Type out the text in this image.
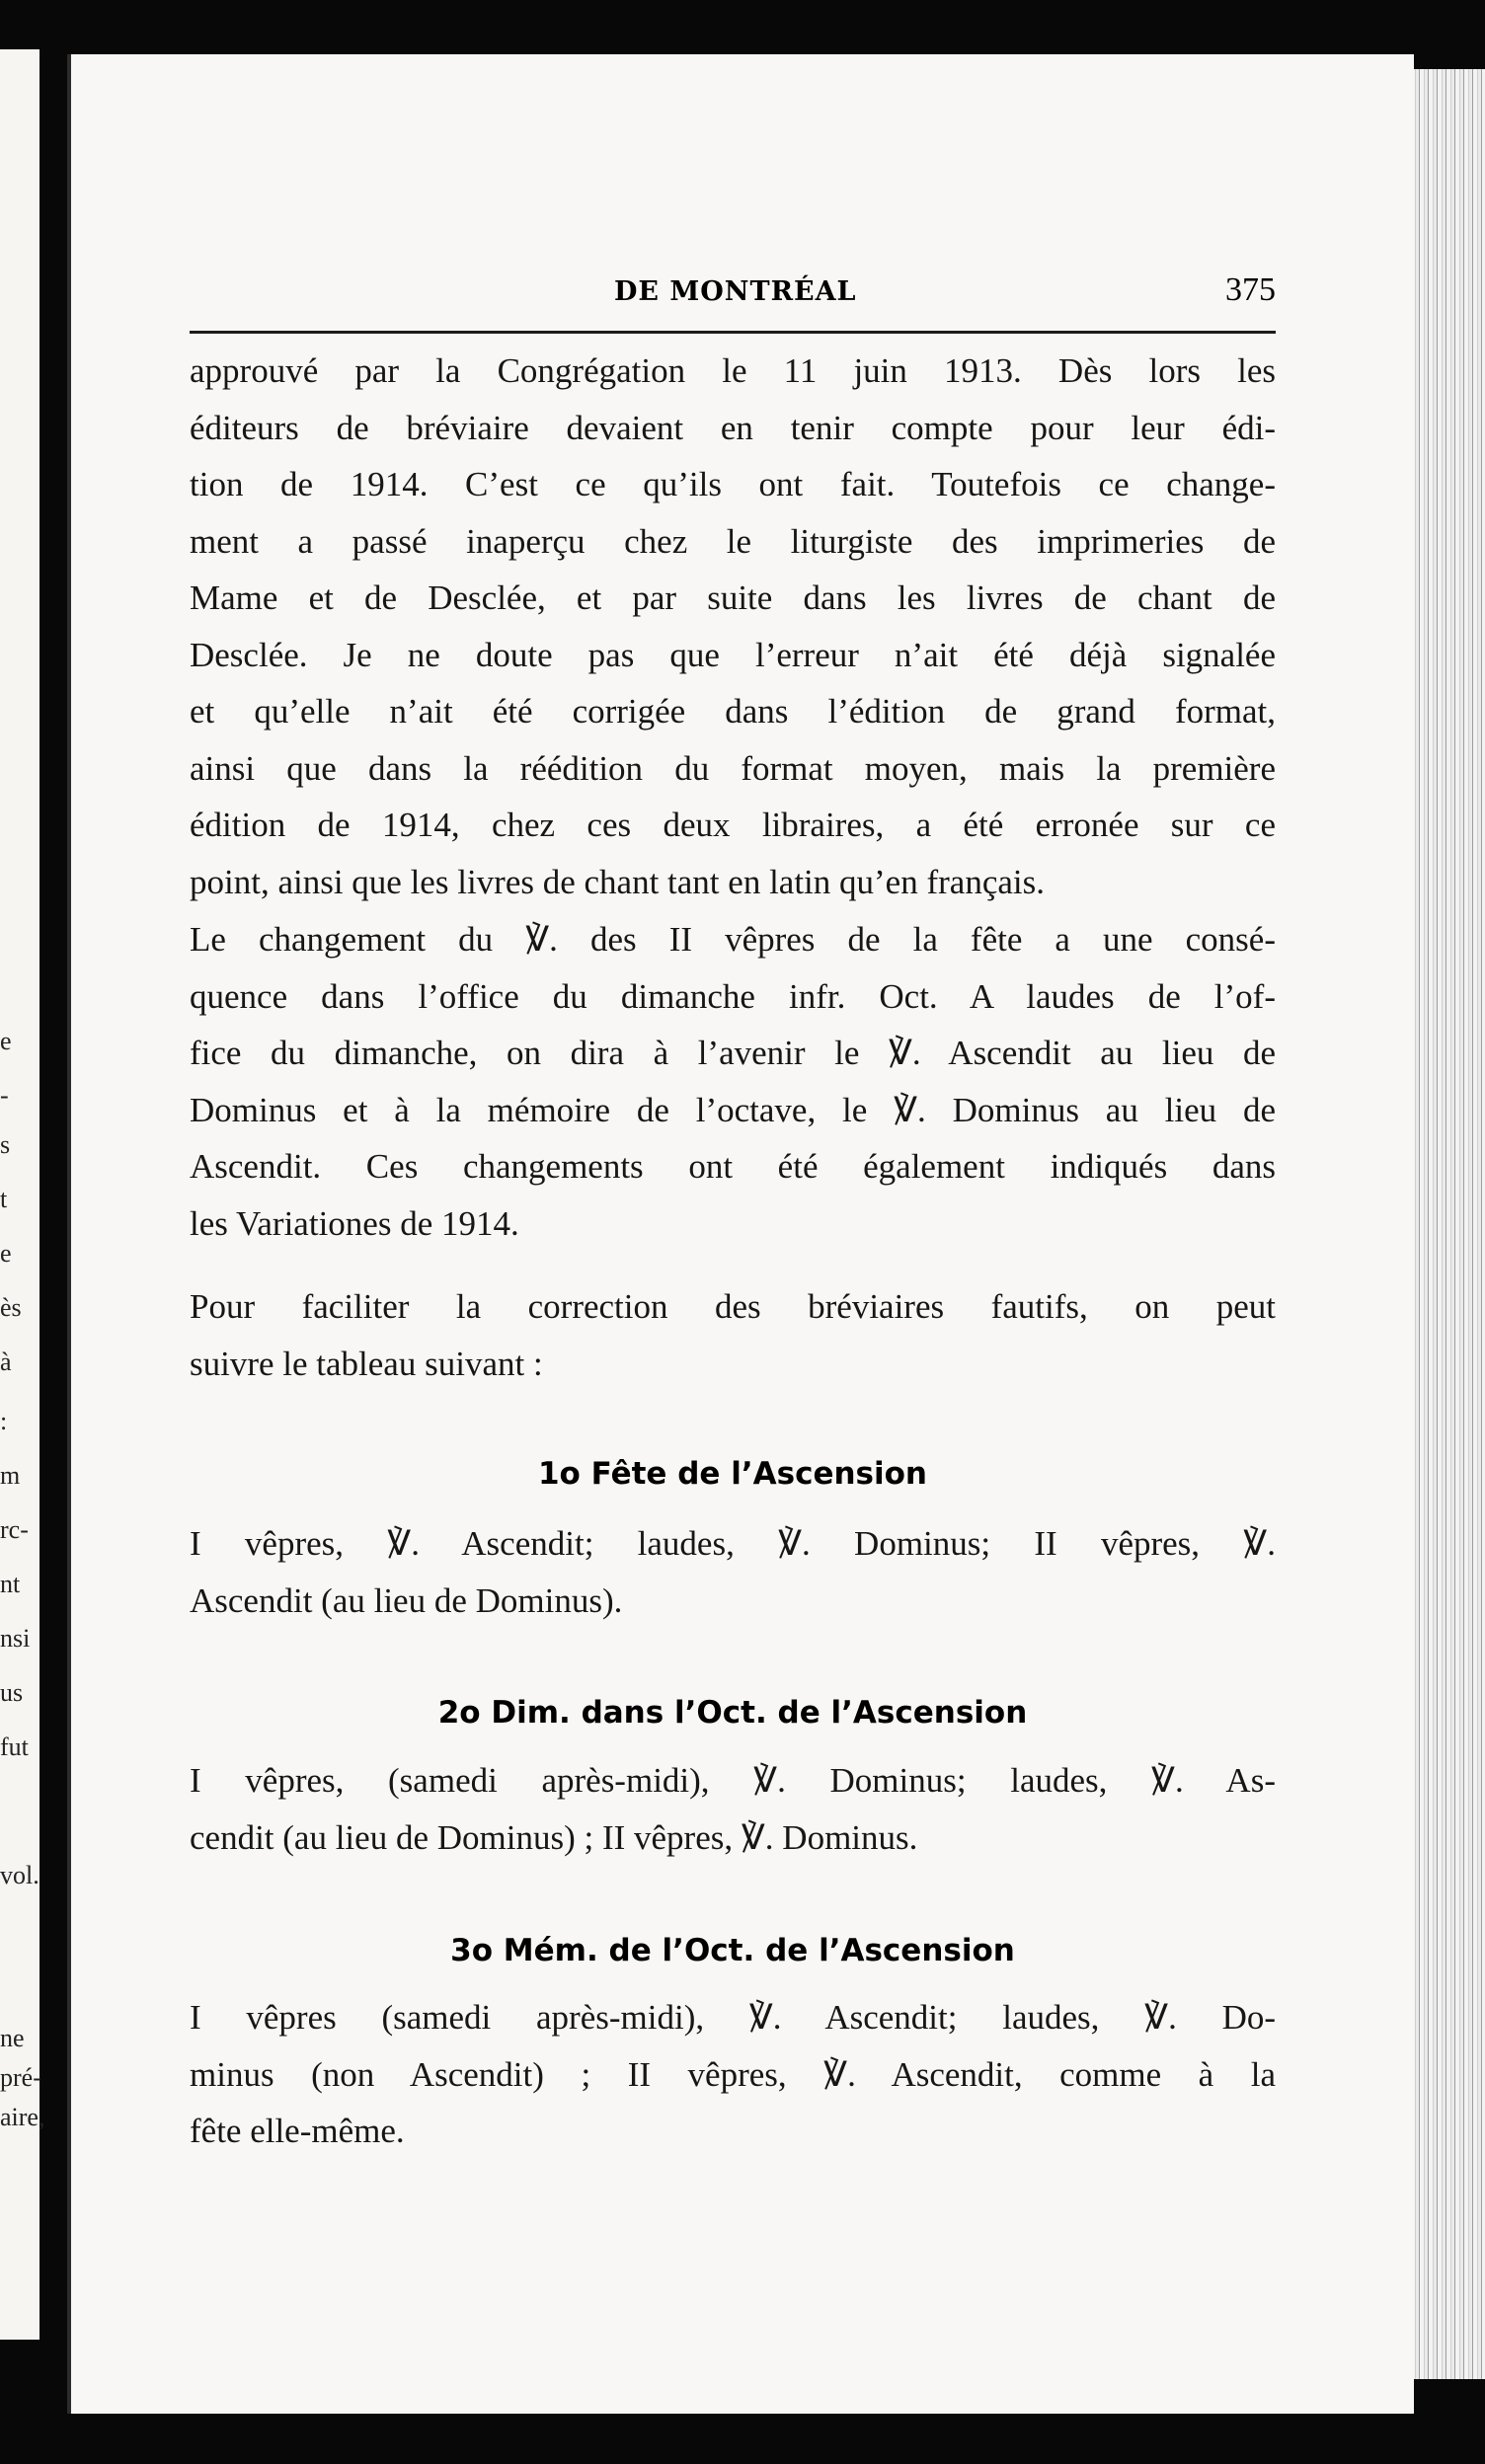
e
-
s
t
e
ès
à
:
m
rc-
nt
nsi
us
fut
vol.
ne
pré-
aire,
DE MONTRÉAL	375

approuvé par la Congrégation le 11 juin 1913. Dès lors les
éditeurs de bréviaire devaient en tenir compte pour leur édi-
tion de 1914. C’est ce qu’ils ont fait. Toutefois ce change-
ment a passé inaperçu chez le liturgiste des imprimeries de
Mame et de Desclée, et par suite dans les livres de chant de
Desclée. Je ne doute pas que l’erreur n’ait été déjà signalée
et qu’elle n’ait été corrigée dans l’édition de grand format,
ainsi que dans la réédition du format moyen, mais la première
édition de 1914, chez ces deux libraires, a été erronée sur ce
point, ainsi que les livres de chant tant en latin qu’en français.

Le changement du ℣. des II vêpres de la fête a une consé-
quence dans l’office du dimanche infr. Oct. A laudes de l’of-
fice du dimanche, on dira à l’avenir le ℣. Ascendit au lieu de
Dominus et à la mémoire de l’octave, le ℣. Dominus au lieu de
Ascendit. Ces changements ont été également indiqués dans
les Variationes de 1914.

Pour faciliter la correction des bréviaires fautifs, on peut
suivre le tableau suivant :

1o Fête de l’Ascension

I vêpres, ℣. Ascendit; laudes, ℣. Dominus; II vêpres, ℣.
Ascendit (au lieu de Dominus).

2o Dim. dans l’Oct. de l’Ascension

I vêpres, (samedi après-midi), ℣. Dominus; laudes, ℣. As-
cendit (au lieu de Dominus) ; II vêpres, ℣. Dominus.

3o Mém. de l’Oct. de l’Ascension

I vêpres (samedi après-midi), ℣. Ascendit; laudes, ℣. Do-
minus (non Ascendit) ; II vêpres, ℣. Ascendit, comme à la
fête elle-même.
